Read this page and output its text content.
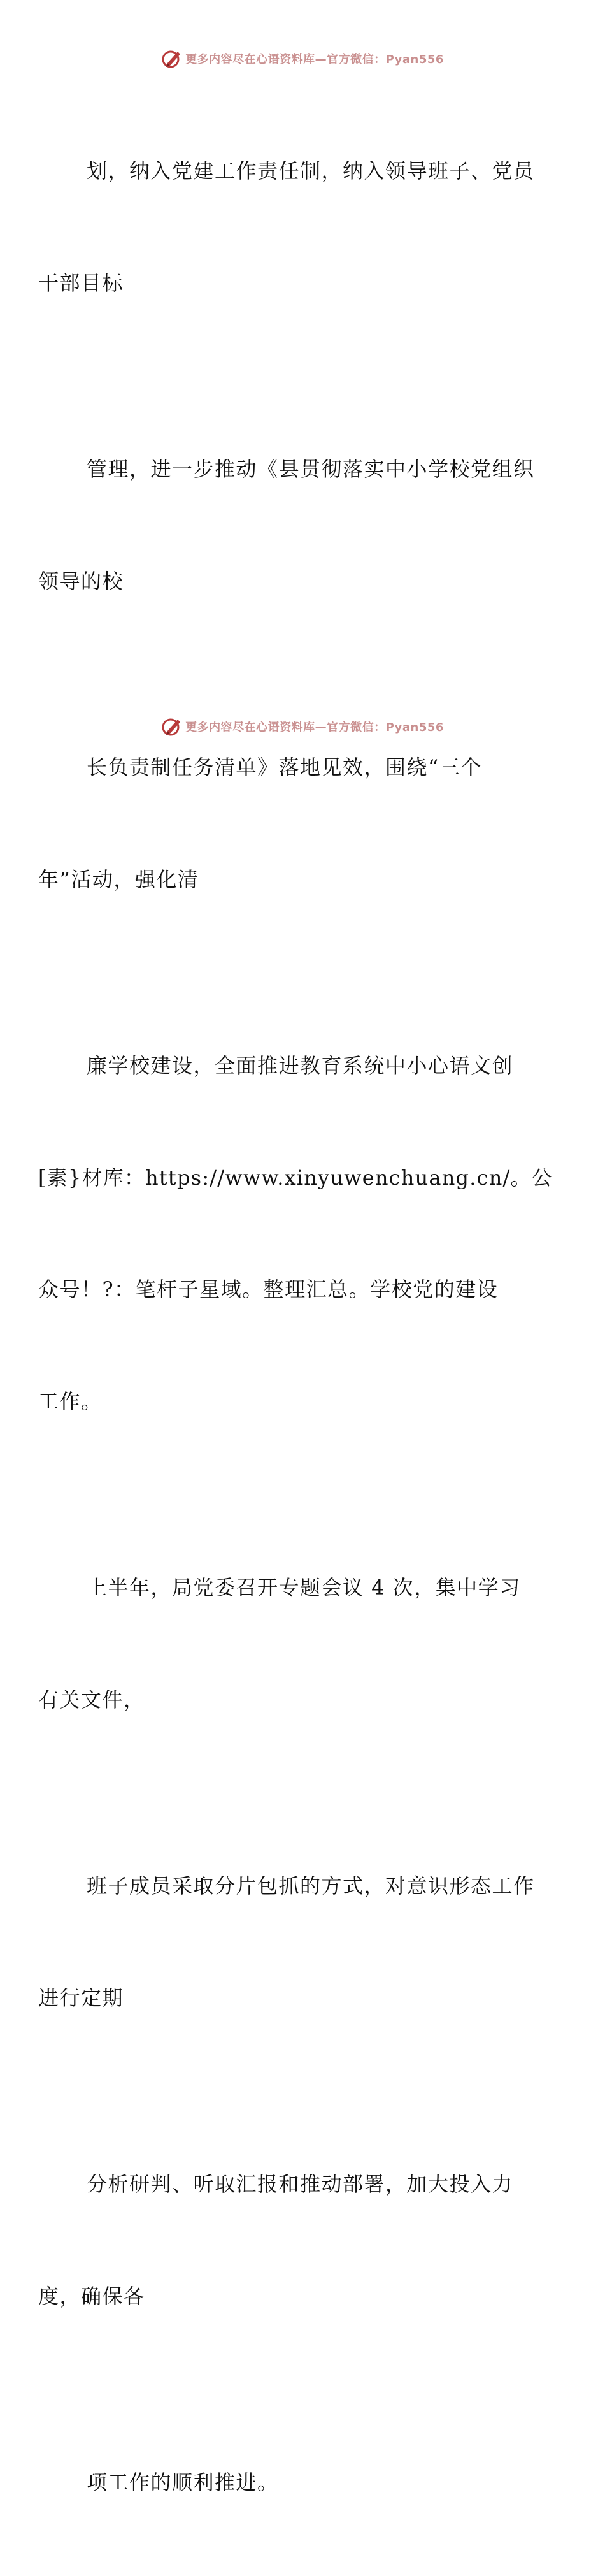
更多内容尽在心语资料库—官方微信：Pyan556

划，纳入党建工作责任制，纳入领导班子、党员

干部目标

管理，进一步推动《县贯彻落实中小学校党组织

领导的校

长负责制任务清单》落地见效，围绕“三个

年”活动，强化清

廉学校建设，全面推进教育系统中小心语文创

[素}材库：https://www.xinyuwenchuang.cn/。公

众号！?：笔杆子星域。整理汇总。学校党的建设

工作。

上半年，局党委召开专题会议 4 次，集中学习

有关文件，

班子成员采取分片包抓的方式，对意识形态工作

进行定期

分析研判、听取汇报和推动部署，加大投入力

度，确保各

项工作的顺利推进。

更多内容尽在心语资料库—官方微信：Pyan556
